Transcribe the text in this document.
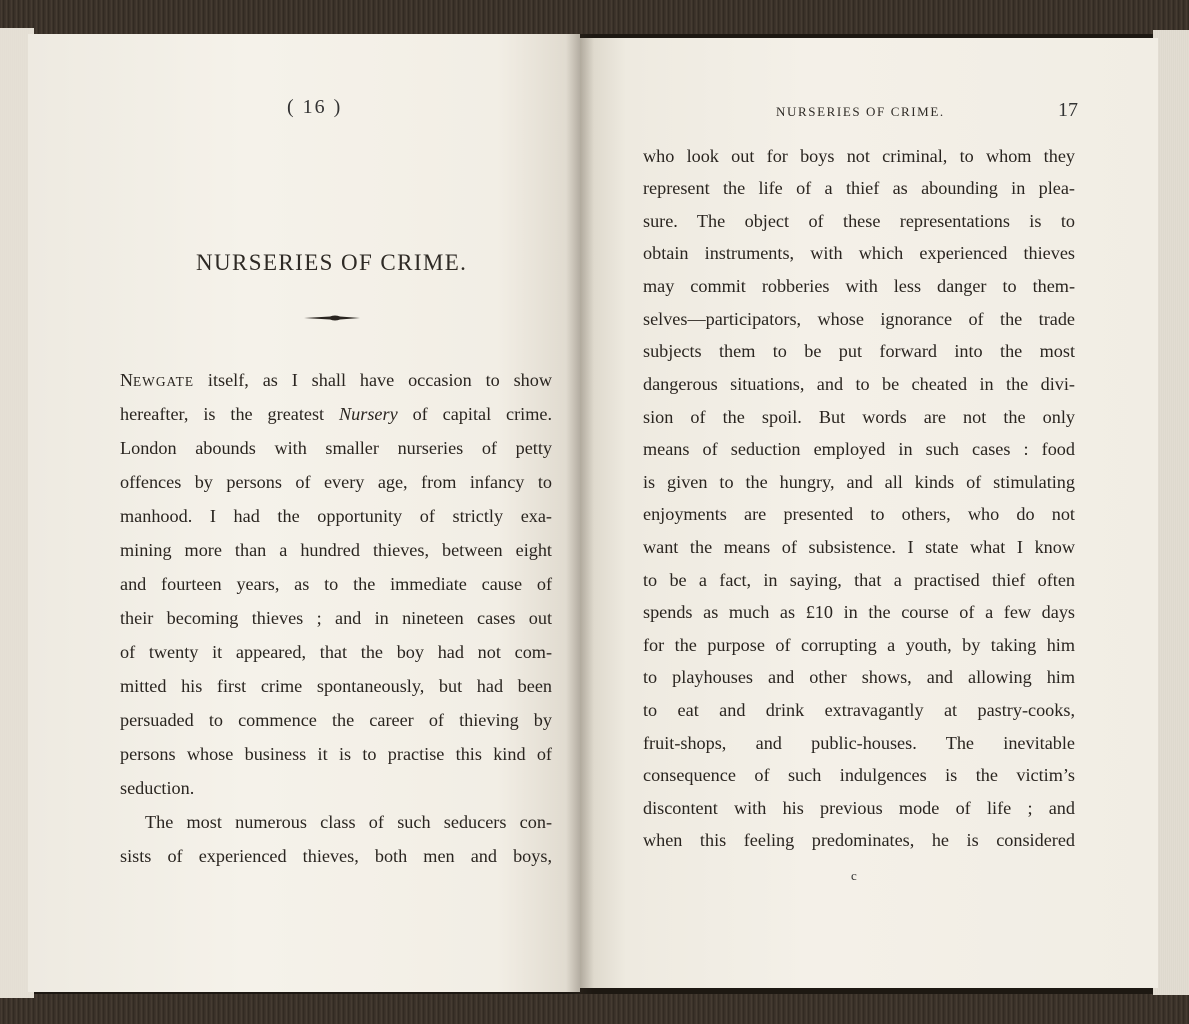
( 16 )
NURSERIES OF CRIME.
NEWGATE itself, as I shall have occasion to show
hereafter, is the greatest Nursery of capital crime.
London abounds with smaller nurseries of petty
offences by persons of every age, from infancy to
manhood. I had the opportunity of strictly exa-
mining more than a hundred thieves, between eight
and fourteen years, as to the immediate cause of
their becoming thieves ; and in nineteen cases out
of twenty it appeared, that the boy had not com-
mitted his first crime spontaneously, but had been
persuaded to commence the career of thieving by
persons whose business it is to practise this kind of
seduction.
The most numerous class of such seducers con-
sists of experienced thieves, both men and boys,
NURSERIES OF CRIME.	17
who look out for boys not criminal, to whom they
represent the life of a thief as abounding in plea-
sure. The object of these representations is to
obtain instruments, with which experienced thieves
may commit robberies with less danger to them-
selves—participators, whose ignorance of the trade
subjects them to be put forward into the most
dangerous situations, and to be cheated in the divi-
sion of the spoil. But words are not the only
means of seduction employed in such cases : food
is given to the hungry, and all kinds of stimulating
enjoyments are presented to others, who do not
want the means of subsistence. I state what I know
to be a fact, in saying, that a practised thief often
spends as much as £10 in the course of a few days
for the purpose of corrupting a youth, by taking him
to playhouses and other shows, and allowing him
to eat and drink extravagantly at pastry-cooks,
fruit-shops, and public-houses. The inevitable
consequence of such indulgences is the victim’s
discontent with his previous mode of life ; and
when this feeling predominates, he is considered
c
